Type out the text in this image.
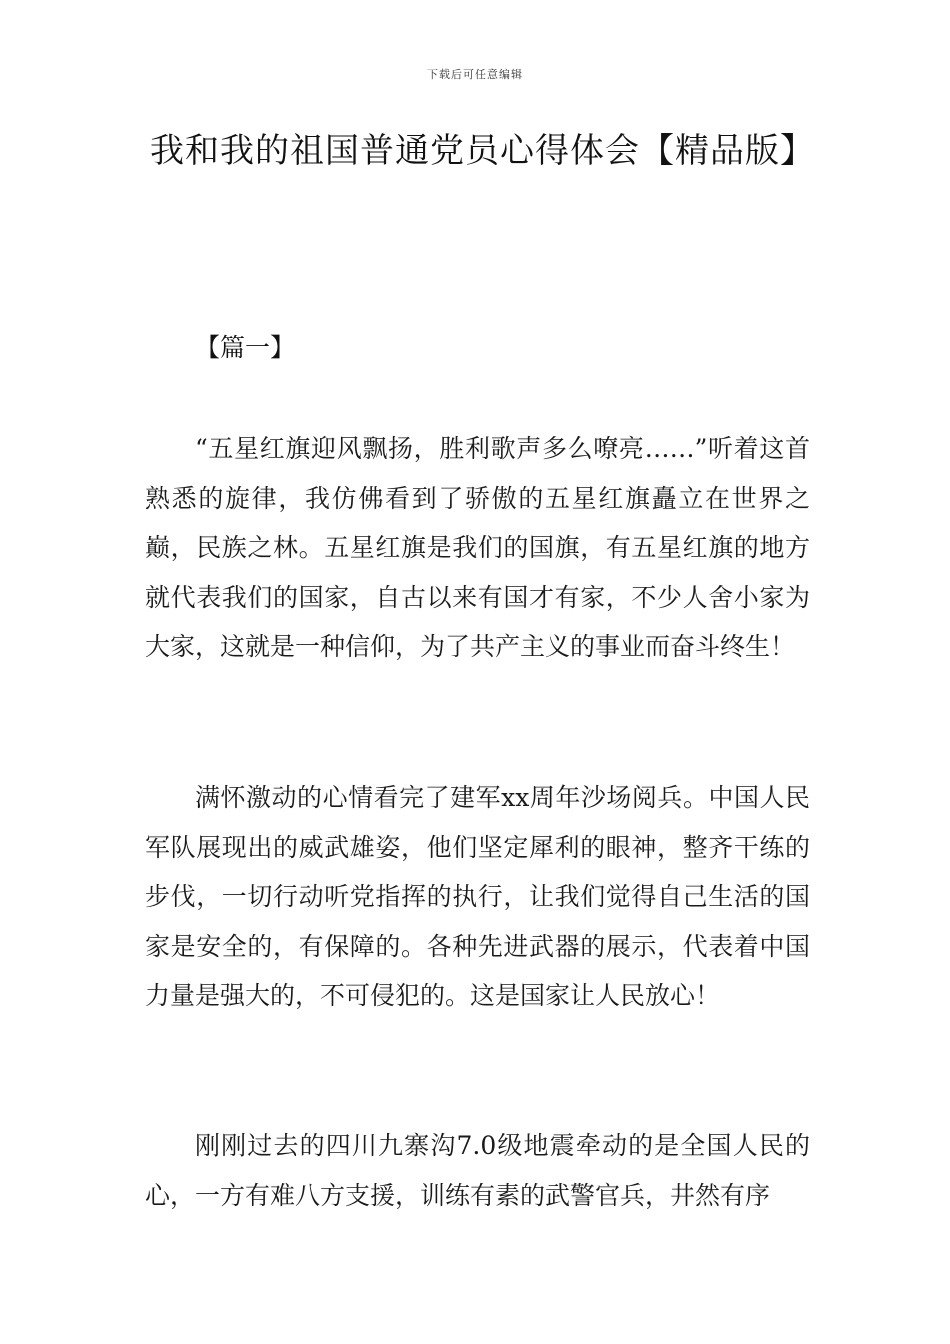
下载后可任意编辑
我和我的祖国普通党员心得体会【精品版】
【篇一】

“五星红旗迎风飘扬，胜利歌声多么嘹亮……”听着这首熟悉的旋律，我仿佛看到了骄傲的五星红旗矗立在世界之巅，民族之林。五星红旗是我们的国旗，有五星红旗的地方就代表我们的国家，自古以来有国才有家，不少人舍小家为大家，这就是一种信仰，为了共产主义的事业而奋斗终生！

满怀激动的心情看完了建军xx周年沙场阅兵。中国人民军队展现出的威武雄姿，他们坚定犀利的眼神，整齐干练的步伐，一切行动听党指挥的执行，让我们觉得自己生活的国家是安全的，有保障的。各种先进武器的展示，代表着中国力量是强大的，不可侵犯的。这是国家让人民放心！

刚刚过去的四川九寨沟7.0级地震牵动的是全国人民的心，一方有难八方支援，训练有素的武警官兵，井然有序
